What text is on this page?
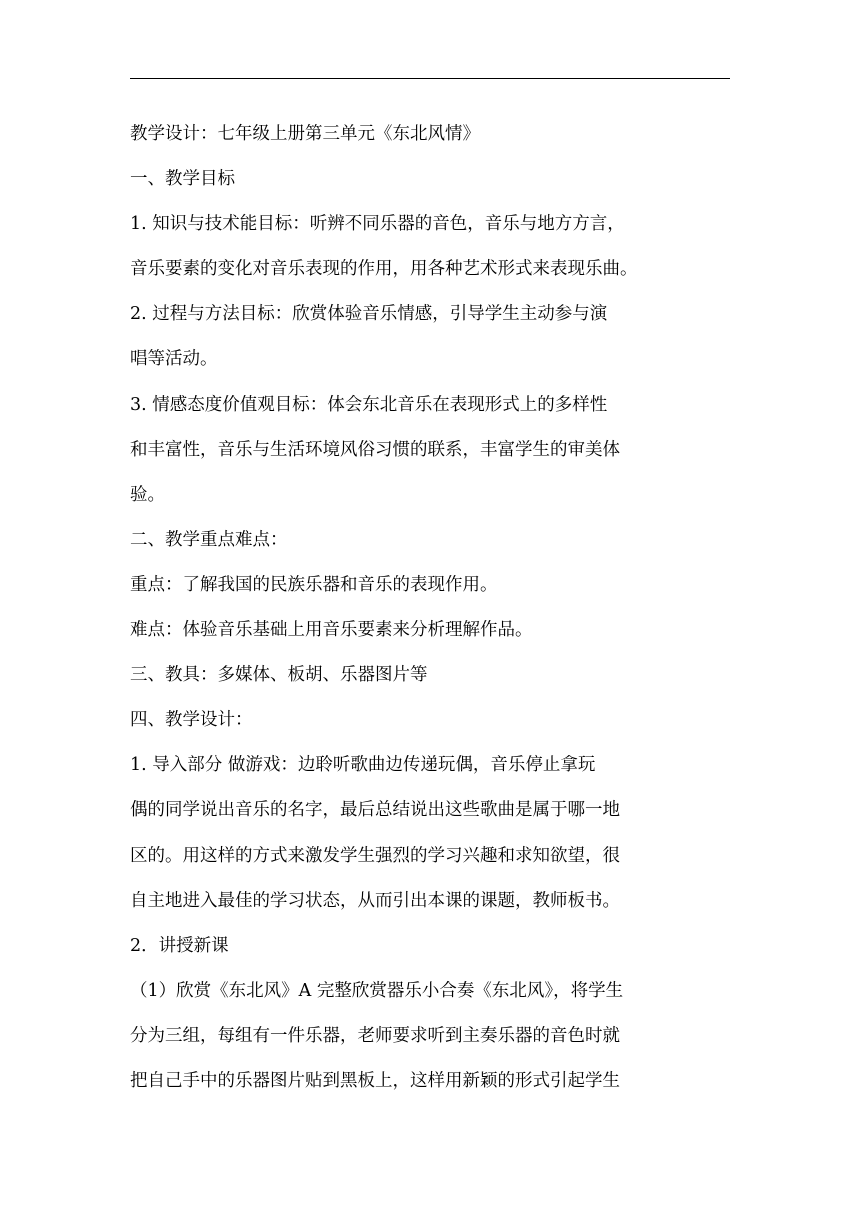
教学设计：七年级上册第三单元《东北风情》
一、教学目标
1. 知识与技术能目标：听辨不同乐器的音色，音乐与地方方言，
音乐要素的变化对音乐表现的作用，用各种艺术形式来表现乐曲。
2. 过程与方法目标：欣赏体验音乐情感，引导学生主动参与演
唱等活动。
3. 情感态度价值观目标：体会东北音乐在表现形式上的多样性
和丰富性，音乐与生活环境风俗习惯的联系，丰富学生的审美体
验。
二、教学重点难点：
重点：了解我国的民族乐器和音乐的表现作用。
难点：体验音乐基础上用音乐要素来分析理解作品。
三、教具：多媒体、板胡、乐器图片等
四、教学设计：
1. 导入部分 做游戏：边聆听歌曲边传递玩偶，音乐停止拿玩
偶的同学说出音乐的名字，最后总结说出这些歌曲是属于哪一地
区的。用这样的方式来激发学生强烈的学习兴趣和求知欲望，很
自主地进入最佳的学习状态，从而引出本课的课题，教师板书。
2．讲授新课
（1）欣赏《东北风》A 完整欣赏器乐小合奏《东北风》，将学生
分为三组，每组有一件乐器，老师要求听到主奏乐器的音色时就
把自己手中的乐器图片贴到黑板上，这样用新颖的形式引起学生
